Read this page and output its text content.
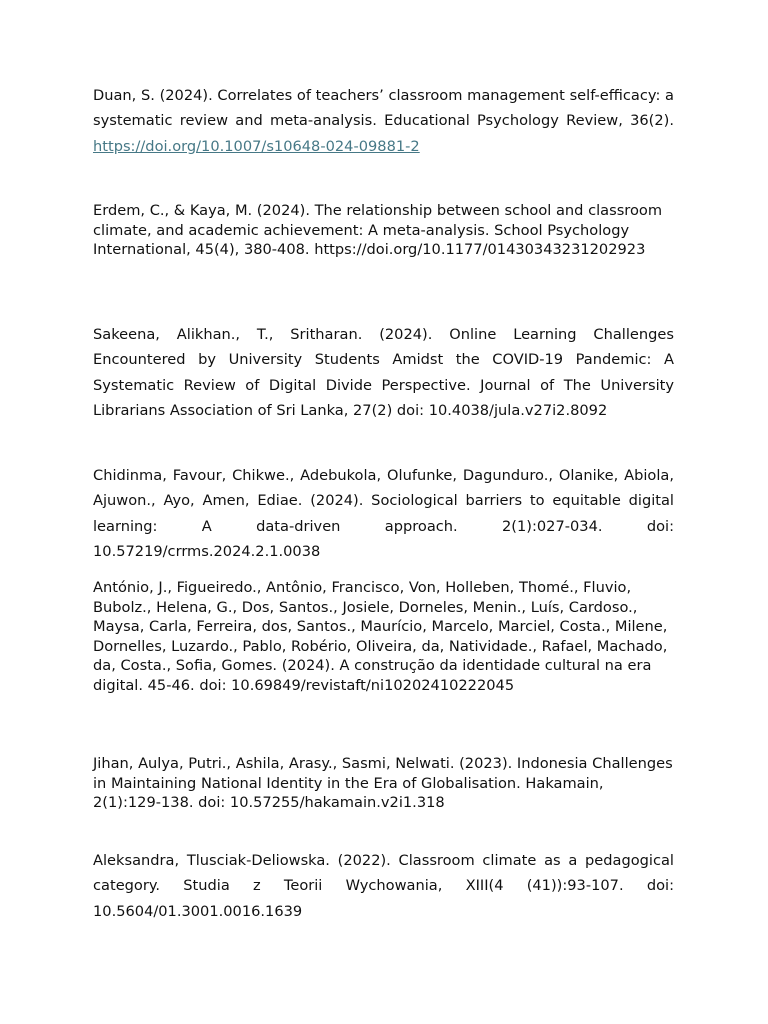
Duan, S. (2024). Correlates of teachers’ classroom management self-efficacy: a systematic review and meta-analysis. Educational Psychology Review, 36(2). https://doi.org/10.1007/s10648-024-09881-2

Erdem, C., & Kaya, M. (2024). The relationship between school and classroom climate, and academic achievement: A meta-analysis. School Psychology International, 45(4), 380-408. https://doi.org/10.1177/01430343231202923

Sakeena, Alikhan., T., Sritharan. (2024). Online Learning Challenges Encountered by University Students Amidst the COVID-19 Pandemic: A Systematic Review of Digital Divide Perspective. Journal of The University Librarians Association of Sri Lanka, 27(2) doi: 10.4038/jula.v27i2.8092

Chidinma, Favour, Chikwe., Adebukola, Olufunke, Dagunduro., Olanike, Abiola, Ajuwon., Ayo, Amen, Ediae. (2024). Sociological barriers to equitable digital learning: A data-driven approach. 2(1):027-034. doi: 10.57219/crrms.2024.2.1.0038

António, J., Figueiredo., Antônio, Francisco, Von, Holleben, Thomé., Fluvio, Bubolz., Helena, G., Dos, Santos., Josiele, Dorneles, Menin., Luís, Cardoso., Maysa, Carla, Ferreira, dos, Santos., Maurício, Marcelo, Marciel, Costa., Milene, Dornelles, Luzardo., Pablo, Robério, Oliveira, da, Natividade., Rafael, Machado, da, Costa., Sofia, Gomes. (2024). A construção da identidade cultural na era digital. 45-46. doi: 10.69849/revistaft/ni10202410222045

Jihan, Aulya, Putri., Ashila, Arasy., Sasmi, Nelwati. (2023). Indonesia Challenges in Maintaining National Identity in the Era of Globalisation. Hakamain, 2(1):129-138. doi: 10.57255/hakamain.v2i1.318

Aleksandra, Tlusciak-Deliowska. (2022). Classroom climate as a pedagogical category. Studia z Teorii Wychowania, XIII(4 (41)):93-107. doi: 10.5604/01.3001.0016.1639
